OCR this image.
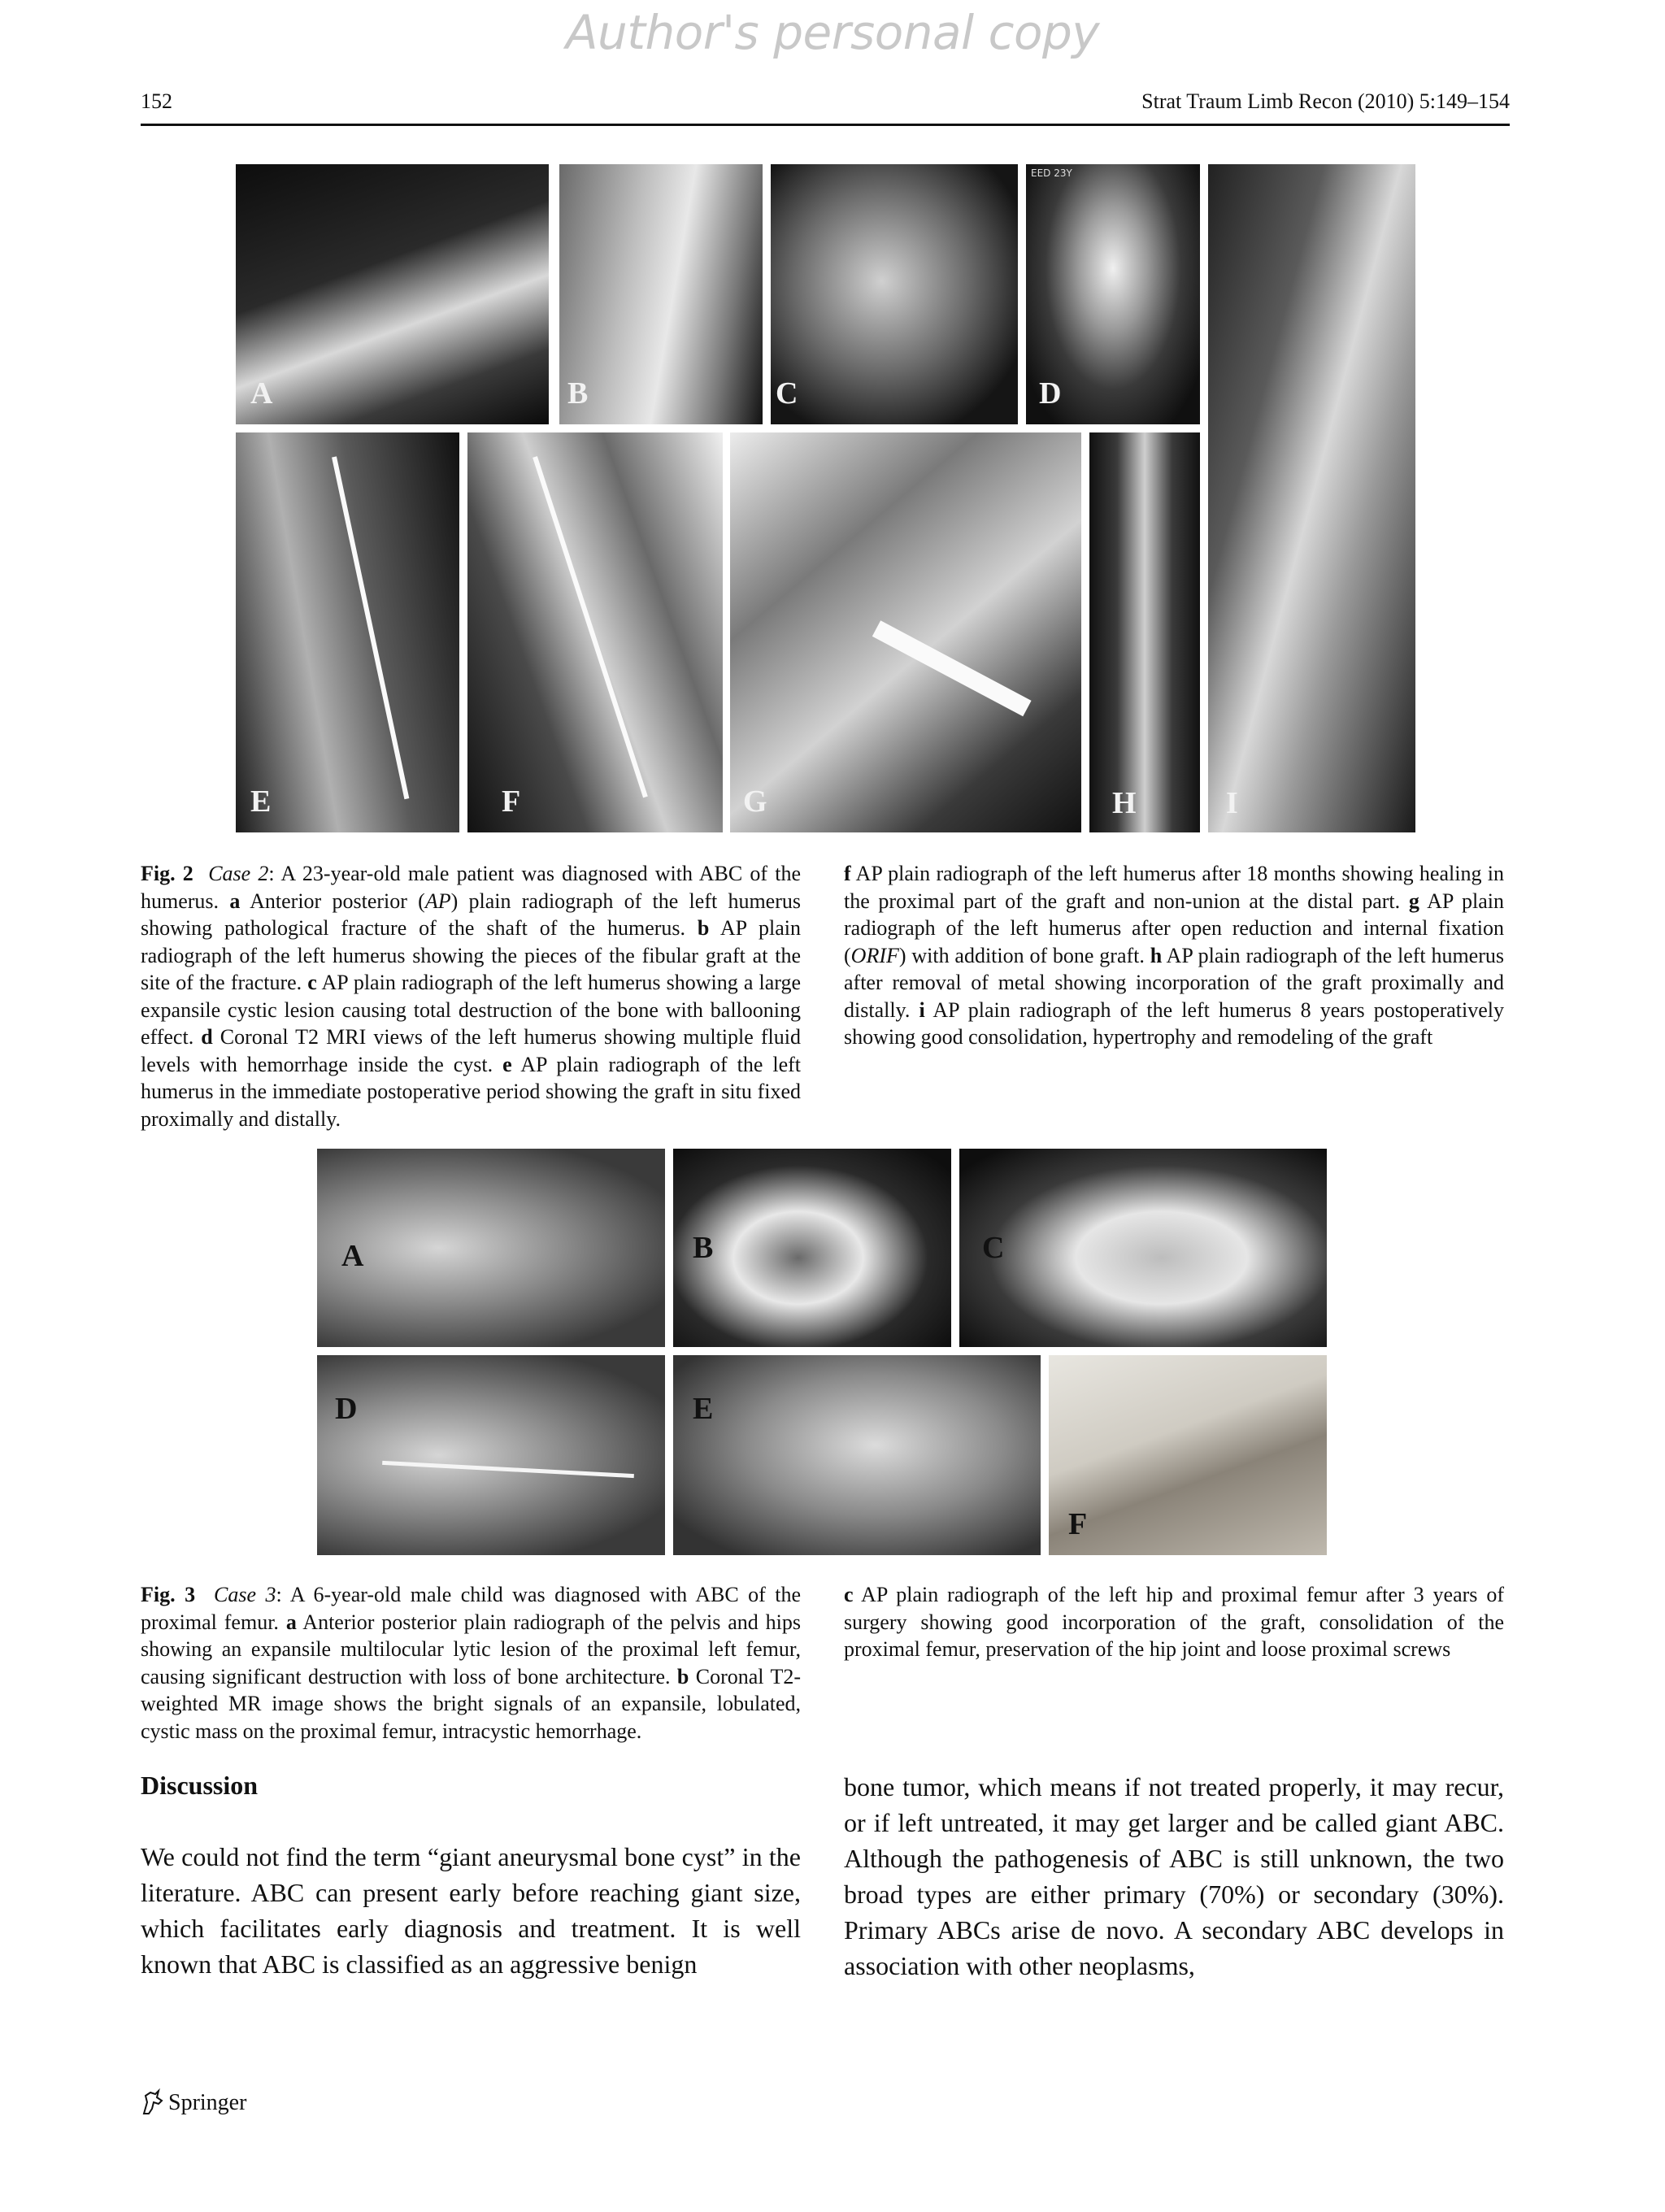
Author's personal copy
152	Strat Traum Limb Recon (2010) 5:149–154
A	B	C
EED 23Y
D
I
E	F	G	H
Fig. 2 Case 2: A 23-year-old male patient was diagnosed with ABC of the humerus. a Anterior posterior (AP) plain radiograph of the left humerus showing pathological fracture of the shaft of the humerus. b AP plain radiograph of the left humerus showing the pieces of the fibular graft at the site of the fracture. c AP plain radiograph of the left humerus showing a large expansile cystic lesion causing total destruction of the bone with ballooning effect. d Coronal T2 MRI views of the left humerus showing multiple fluid levels with hemorrhage inside the cyst. e AP plain radiograph of the left humerus in the immediate postoperative period showing the graft in situ fixed proximally and distally.
f AP plain radiograph of the left humerus after 18 months showing healing in the proximal part of the graft and non-union at the distal part. g AP plain radiograph of the left humerus after open reduction and internal fixation (ORIF) with addition of bone graft. h AP plain radiograph of the left humerus after removal of metal showing incorporation of the graft proximally and distally. i AP plain radiograph of the left humerus 8 years postoperatively showing good consolidation, hypertrophy and remodeling of the graft
A	B	C
D	E
F
Fig. 3 Case 3: A 6-year-old male child was diagnosed with ABC of the proximal femur. a Anterior posterior plain radiograph of the pelvis and hips showing an expansile multilocular lytic lesion of the proximal left femur, causing significant destruction with loss of bone architecture. b Coronal T2-weighted MR image shows the bright signals of an expansile, lobulated, cystic mass on the proximal femur, intracystic hemorrhage.
c AP plain radiograph of the left hip and proximal femur after 3 years of surgery showing good incorporation of the graft, consolidation of the proximal femur, preservation of the hip joint and loose proximal screws
Discussion
We could not find the term “giant aneurysmal bone cyst” in the literature. ABC can present early before reaching giant size, which facilitates early diagnosis and treatment. It is well known that ABC is classified as an aggressive benign
bone tumor, which means if not treated properly, it may recur, or if left untreated, it may get larger and be called giant ABC. Although the pathogenesis of ABC is still unknown, the two broad types are either primary (70%) or secondary (30%). Primary ABCs arise de novo. A secondary ABC develops in association with other neoplasms,
Springer
